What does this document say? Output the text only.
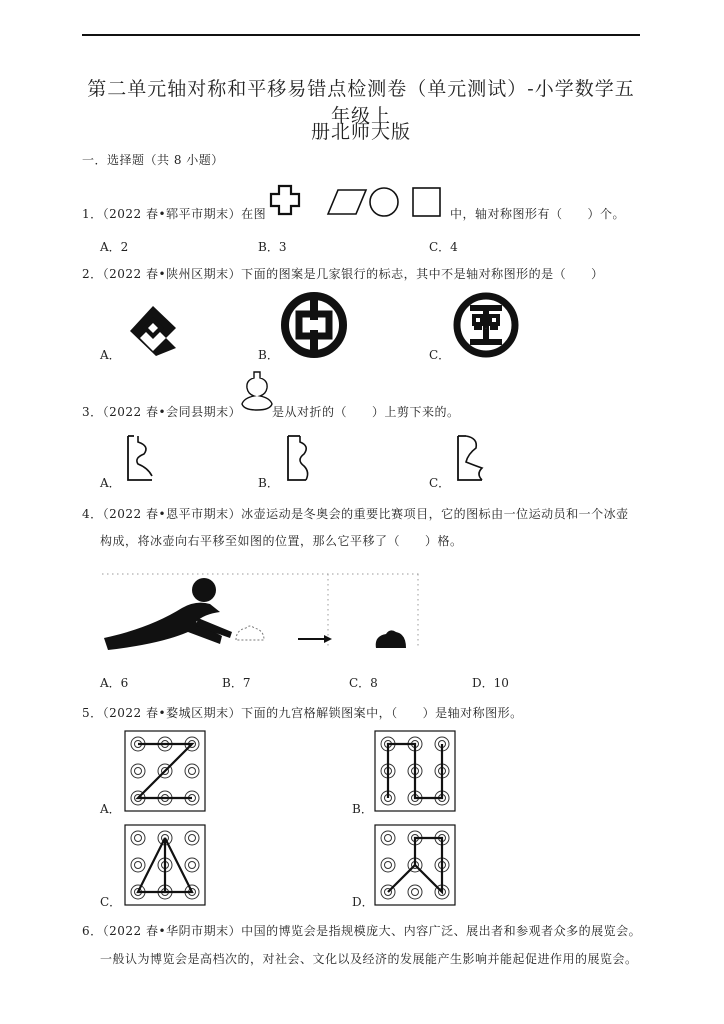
第二单元轴对称和平移易错点检测卷（单元测试）-小学数学五年级上
册北师大版
一．选择题（共 8 小题）
1．（2022 春•郓平市期末）在图	中，轴对称图形有（　　）个。
A．2	B．3	C．4
2．（2022 春•陕州区期末）下面的图案是几家银行的标志，其中不是轴对称图形的是（　　）
A．	B．
中
C．
工
3．（2022 春•会同县期末）	是从对折的（　　）上剪下来的。
A．	B．	C．
4．（2022 春•恩平市期末）冰壶运动是冬奥会的重要比赛项目，它的图标由一位运动员和一个冰壶
构成，将冰壶向右平移至如图的位置，那么它平移了（　　）格。
A．6	B．7	C．8	D．10
5．（2022 春•婺城区期末）下面的九宫格解锁图案中，（　　）是轴对称图形。
A．	B．
C．	D．
6．（2022 春•华阴市期末）中国的博览会是指规模庞大、内容广泛、展出者和参观者众多的展览会。
一般认为博览会是高档次的，对社会、文化以及经济的发展能产生影响并能起促进作用的展览会。
